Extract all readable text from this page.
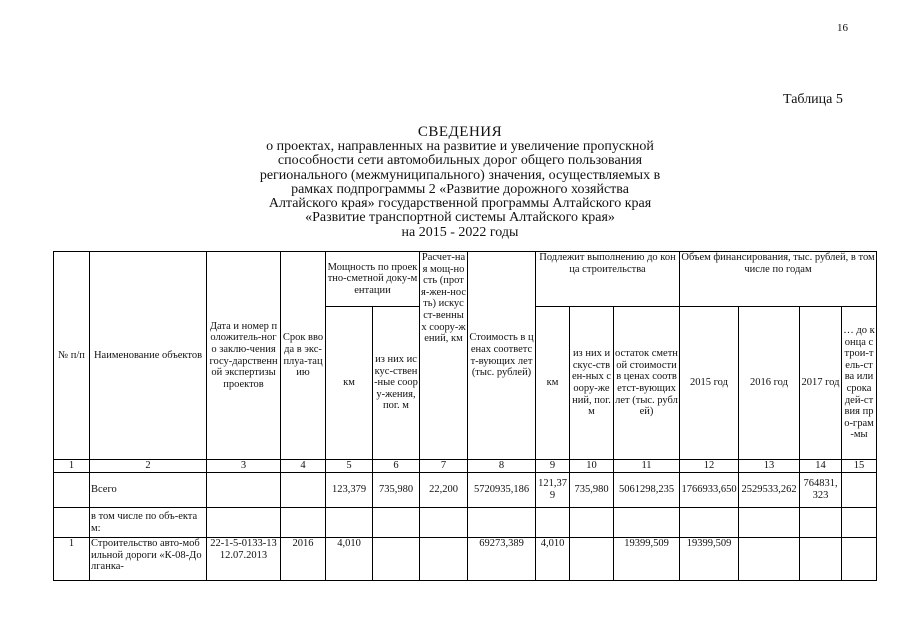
16
Таблица 5
СВЕДЕНИЯ
о проектах, направленных на развитие и увеличение пропускной
способности сети автомобильных дорог общего пользования
регионального (межмуниципального) значения, осуществляемых в
рамках подпрограммы 2 «Развитие дорожного хозяйства
Алтайского края» государственной программы Алтайского края
«Развитие транспортной системы Алтайского края»
на 2015 - 2022 годы
№ п/п	Наименование объектов	Дата и номер положитель-ного заклю-чения госу-дарственной экспертизы проектов	Срок ввода в экс-плуа-тацию	Мощность по проектно-сметной доку-ментации		Расчет-ная мощ-ность (протя-жен-ность) искусст-венных соору-жений, км	Стоимость в ценах соответст-вующих лет (тыс. рублей)	Подлежит выполнению до конца строительства			Объем финансирования, тыс. рублей, в том числе по годам			
				км	из них искус-ствен-ные соору-жения, пог. м			км	из них искус-ствен-ных соору-жений, пог. м	остаток сметной стоимости в ценах соответст-вующих лет (тыс. рублей)	2015 год	2016 год	2017 год	… до конца строи-тель-ства или срока дей-ствия про-грам-мы
1	2	3	4	5	6	7	8	9	10	11	12	13	14	15
	Всего			123,379	735,980	22,200	5720935,186	121,379	735,980	5061298,235	1766933,650	2529533,262	764831,323	
	в том числе по объ-ектам:													
1	Строительство авто-мобильной дороги «К-08-Долганка-	22-1-5-0133-13 12.07.2013	2016	4,010			69273,389	4,010		19399,509	19399,509			
